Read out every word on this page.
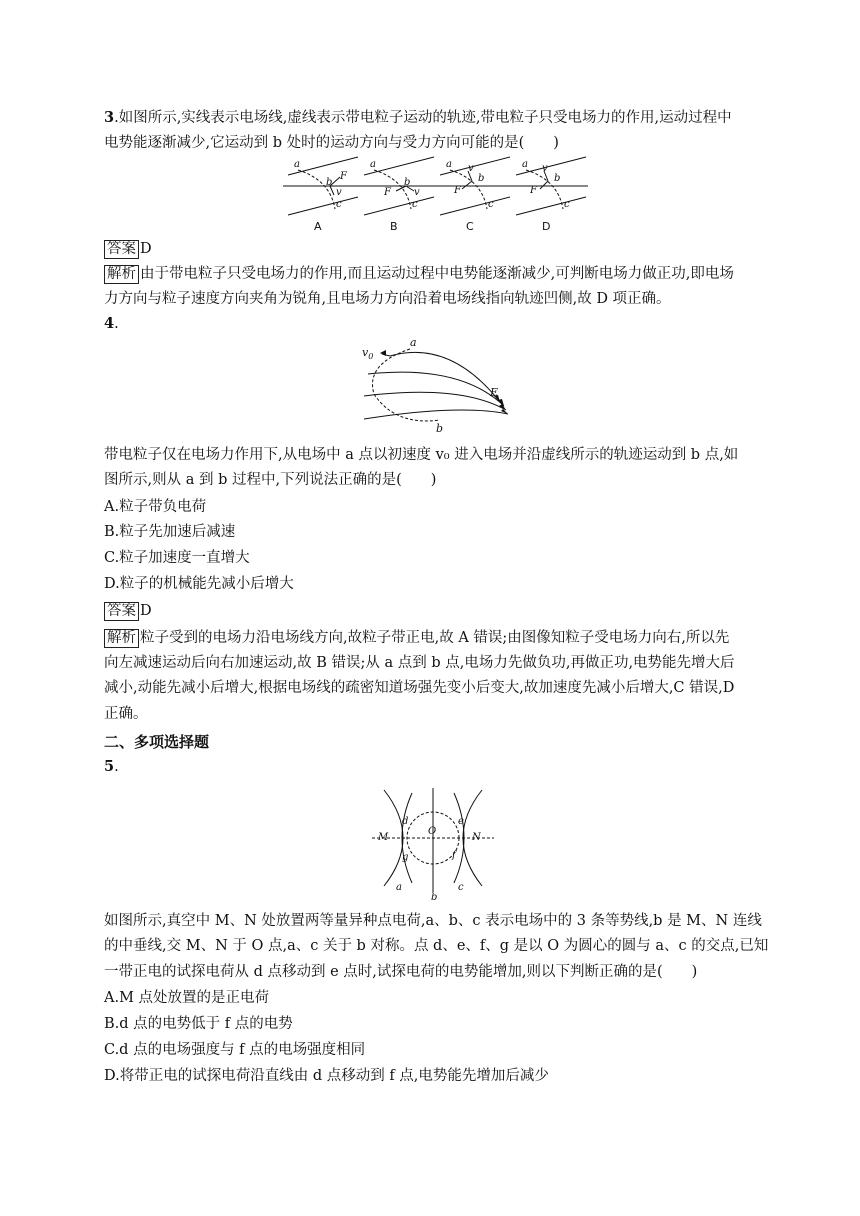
3.如图所示,实线表示电场线,虚线表示带电粒子运动的轨迹,带电粒子只受电场力的作用,运动过程中
电势能逐渐减少,它运动到 b 处时的运动方向与受力方向可能的是(　　)
a
b
F
v
c
a
b
F v
c
a v
b
F
c
a v
b
F
c
A	B	C	D
答案 D
解析 由于带电粒子只受电场力的作用,而且运动过程中电势能逐渐减少,可判断电场力做正功,即电场
力方向与粒子速度方向夹角为锐角,且电场力方向沿着电场线指向轨迹凹侧,故 D 项正确。
4.
$v_0$
a
E
b
带电粒子仅在电场力作用下,从电场中 a 点以初速度 v₀ 进入电场并沿虚线所示的轨迹运动到 b 点,如
图所示,则从 a 到 b 过程中,下列说法正确的是(　　)
A.粒子带负电荷
B.粒子先加速后减速
C.粒子加速度一直增大
D.粒子的机械能先减小后增大
答案 D
解析 粒子受到的电场力沿电场线方向,故粒子带正电,故 A 错误;由图像知粒子受电场力向右,所以先
向左减速运动后向右加速运动,故 B 错误;从 a 点到 b 点,电场力先做负功,再做正功,电势能先增大后
减小,动能先减小后增大,根据电场线的疏密知道场强先变小后变大,故加速度先减小后增大,C 错误,D
正确。
二、多项选择题
5.
M	N
O
d	e
f
g
a
b
c
如图所示,真空中 M、N 处放置两等量异种点电荷,a、b、c 表示电场中的 3 条等势线,b 是 M、N 连线
的中垂线,交 M、N 于 O 点,a、c 关于 b 对称。点 d、e、f、g 是以 O 为圆心的圆与 a、c 的交点,已知
一带正电的试探电荷从 d 点移动到 e 点时,试探电荷的电势能增加,则以下判断正确的是(　　)
A.M 点处放置的是正电荷
B.d 点的电势低于 f 点的电势
C.d 点的电场强度与 f 点的电场强度相同
D.将带正电的试探电荷沿直线由 d 点移动到 f 点,电势能先增加后减少
